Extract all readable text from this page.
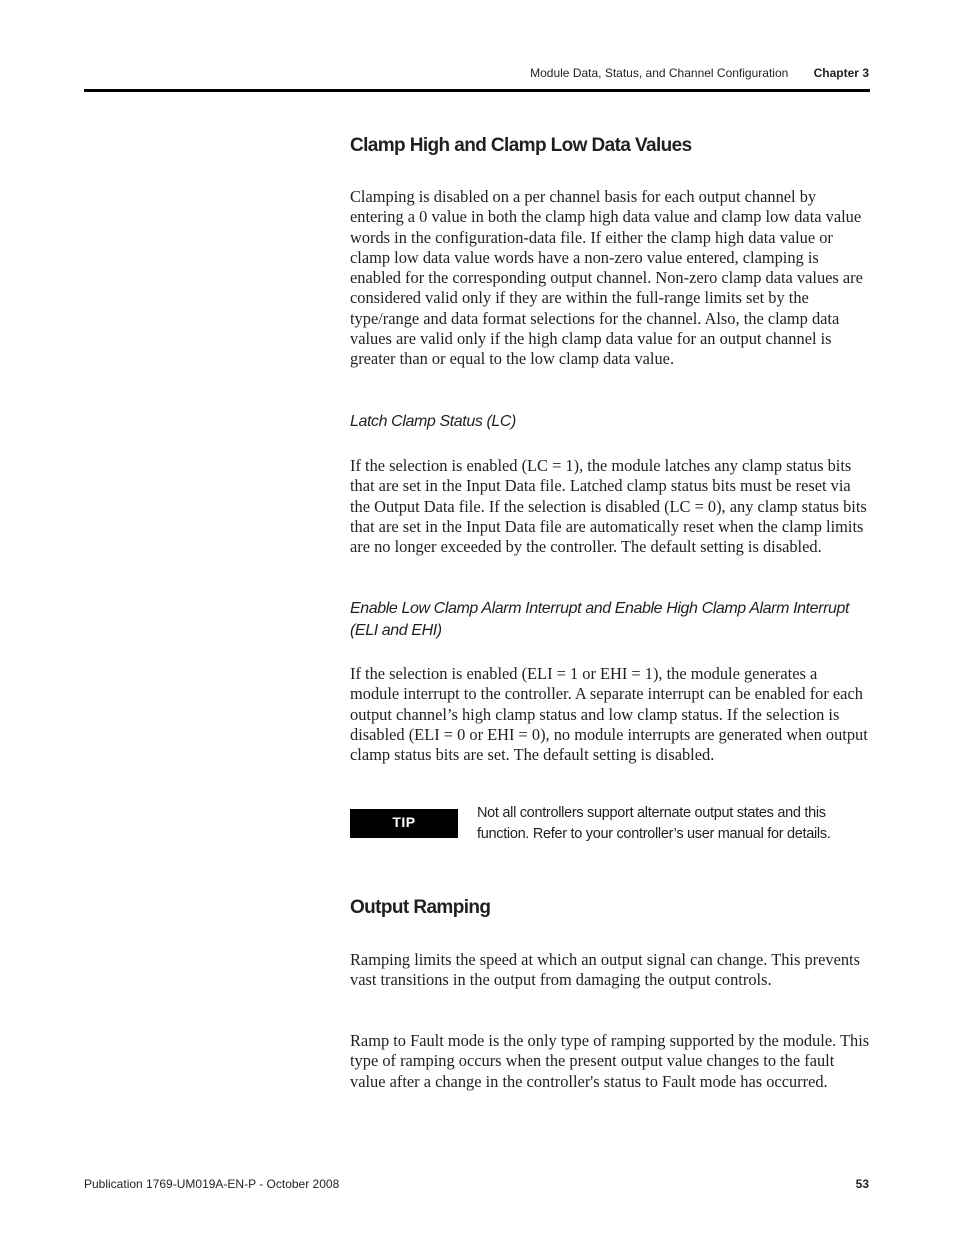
Module Data, Status, and Channel Configuration Chapter 3
Clamp High and Clamp Low Data Values

Clamping is disabled on a per channel basis for each output channel by entering a 0 value in both the clamp high data value and clamp low data value words in the configuration-data file. If either the clamp high data value or clamp low data value words have a non-zero value entered, clamping is enabled for the corresponding output channel. Non-zero clamp data values are considered valid only if they are within the full-range limits set by the type/range and data format selections for the channel. Also, the clamp data values are valid only if the high clamp data value for an output channel is greater than or equal to the low clamp data value.

Latch Clamp Status (LC)

If the selection is enabled (LC = 1), the module latches any clamp status bits that are set in the Input Data file. Latched clamp status bits must be reset via the Output Data file. If the selection is disabled (LC = 0), any clamp status bits that are set in the Input Data file are automatically reset when the clamp limits are no longer exceeded by the controller. The default setting is disabled.

Enable Low Clamp Alarm Interrupt and Enable High Clamp Alarm Interrupt (ELI and EHI)

If the selection is enabled (ELI = 1 or EHI = 1), the module generates a module interrupt to the controller. A separate interrupt can be enabled for each output channel’s high clamp status and low clamp status. If the selection is disabled (ELI = 0 or EHI = 0), no module interrupts are generated when output clamp status bits are set. The default setting is disabled.

TIP
Not all controllers support alternate output states and this function. Refer to your controller’s user manual for details.
Output Ramping

Ramping limits the speed at which an output signal can change. This prevents vast transitions in the output from damaging the output controls.

Ramp to Fault mode is the only type of ramping supported by the module. This type of ramping occurs when the present output value changes to the fault value after a change in the controller's status to Fault mode has occurred.

Publication 1769-UM019A-EN-P - October 2008	53
